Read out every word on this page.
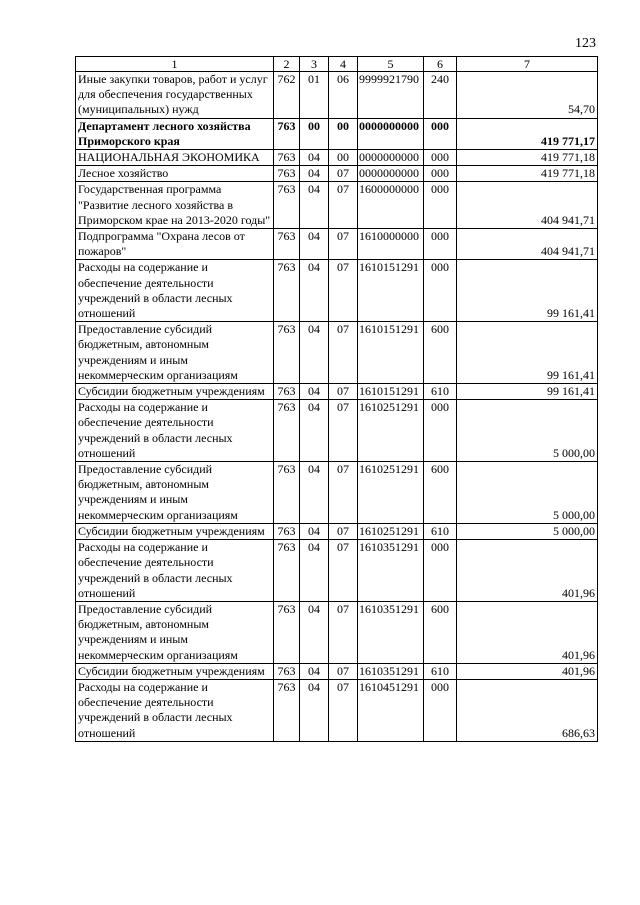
123
1	2	3	4	5	6	7
Иные закупки товаров, работ и услуг для обеспечения государственных (муниципальных) нужд	762	01	06	9999921790	240	54,70
Департамент лесного хозяйства Приморского края	763	00	00	0000000000	000	419 771,17
НАЦИОНАЛЬНАЯ ЭКОНОМИКА	763	04	00	0000000000	000	419 771,18
Лесное хозяйство	763	04	07	0000000000	000	419 771,18
Государственная программа "Развитие лесного хозяйства в Приморском крае на 2013-2020 годы"	763	04	07	1600000000	000	404 941,71
Подпрограмма "Охрана лесов от пожаров"	763	04	07	1610000000	000	404 941,71
Расходы на содержание и обеспечение деятельности учреждений в области лесных отношений	763	04	07	1610151291	000	99 161,41
Предоставление субсидий бюджетным, автономным учреждениям и иным некоммерческим организациям	763	04	07	1610151291	600	99 161,41
Субсидии бюджетным учреждениям	763	04	07	1610151291	610	99 161,41
Расходы на содержание и обеспечение деятельности учреждений в области лесных отношений	763	04	07	1610251291	000	5 000,00
Предоставление субсидий бюджетным, автономным учреждениям и иным некоммерческим организациям	763	04	07	1610251291	600	5 000,00
Субсидии бюджетным учреждениям	763	04	07	1610251291	610	5 000,00
Расходы на содержание и обеспечение деятельности учреждений в области лесных отношений	763	04	07	1610351291	000	401,96
Предоставление субсидий бюджетным, автономным учреждениям и иным некоммерческим организациям	763	04	07	1610351291	600	401,96
Субсидии бюджетным учреждениям	763	04	07	1610351291	610	401,96
Расходы на содержание и обеспечение деятельности учреждений в области лесных отношений	763	04	07	1610451291	000	686,63
